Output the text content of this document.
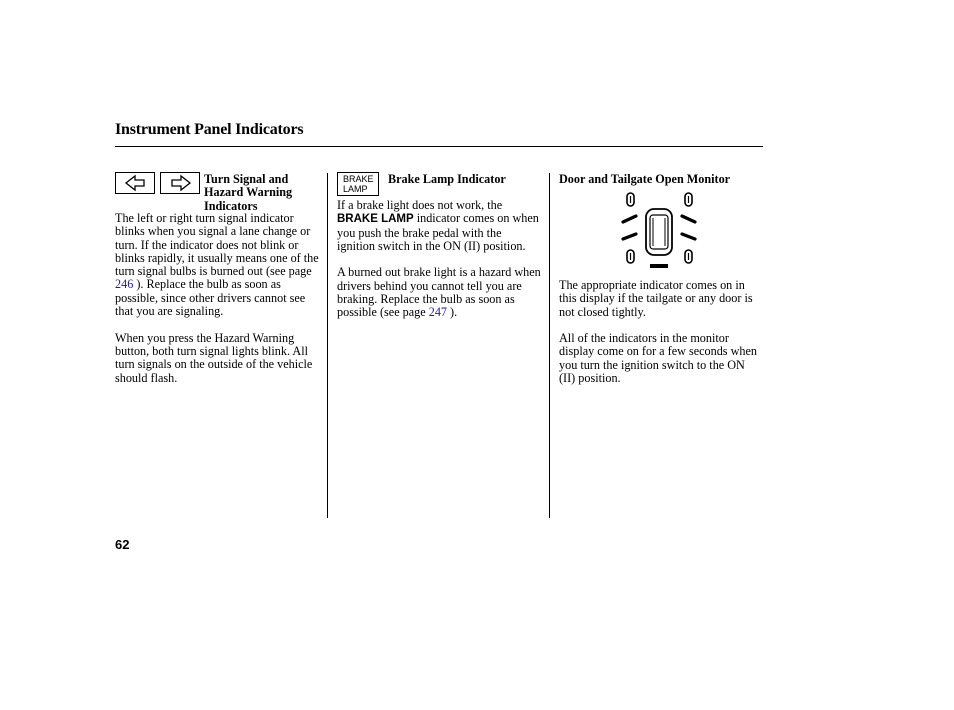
Instrument Panel Indicators
Turn Signal and
Hazard Warning
Indicators

The left or right turn signal indicator blinks when you signal a lane change or turn. If the indicator does not blink or blinks rapidly, it usually means one of the turn signal bulbs is burned out (see page 246 ). Replace the bulb as soon as possible, since other drivers cannot see that you are signaling.

When you press the Hazard Warning button, both turn signal lights blink. All turn signals on the outside of the vehicle should flash.

BRAKE
LAMP
Brake Lamp Indicator

If a brake light does not work, the BRAKE LAMP indicator comes on when you push the brake pedal with the ignition switch in the ON (II) position.

A burned out brake light is a hazard when drivers behind you cannot tell you are braking. Replace the bulb as soon as possible (see page 247 ).

Door and Tailgate Open Monitor

The appropriate indicator comes on in this display if the tailgate or any door is not closed tightly.

All of the indicators in the monitor display come on for a few seconds when you turn the ignition switch to the ON (II) position.

62
